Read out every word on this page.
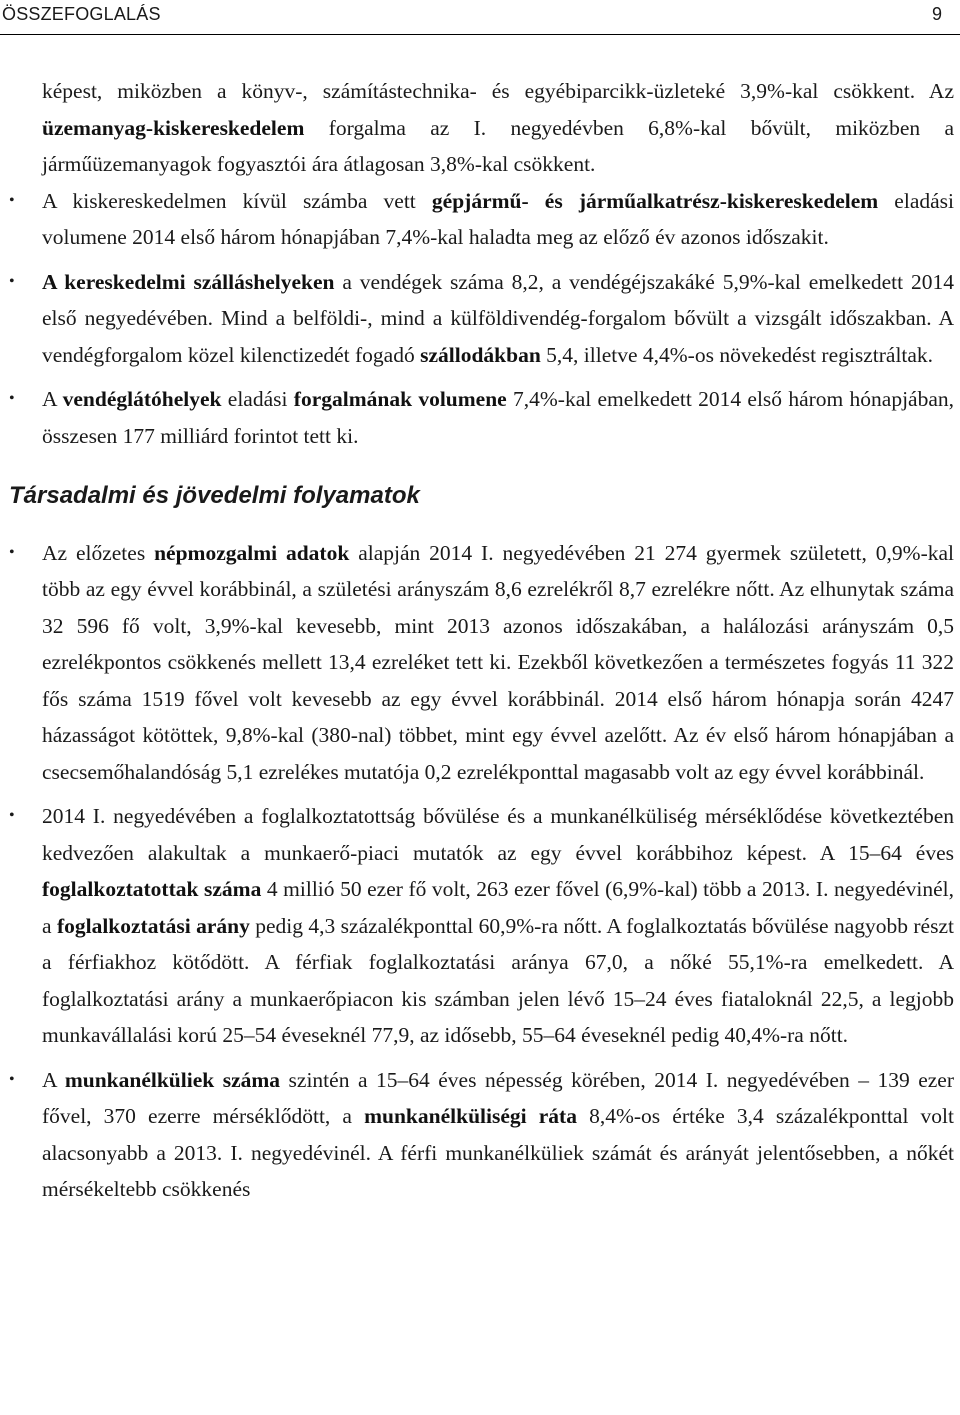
ÖSSZEFOGLALÁS	9

képest, miközben a könyv-, számítástechnika- és egyébiparcikk-üzleteké 3,9%-kal csökkent. Az üzemanyag-kiskereskedelem forgalma az I. negyedévben 6,8%-kal bővült, miközben a járműüzemanyagok fogyasztói ára átlagosan 3,8%-kal csökkent.

• A kiskereskedelmen kívül számba vett gépjármű- és járműalkatrész-kiskereskedelem eladási volumene 2014 első három hónapjában 7,4%-kal haladta meg az előző év azonos időszakit.
• A kereskedelmi szálláshelyeken a vendégek száma 8,2, a vendégéjszakáké 5,9%-kal emelkedett 2014 első negyedévében. Mind a belföldi-, mind a külföldivendég-forgalom bővült a vizsgált időszakban. A vendégforgalom közel kilenctizedét fogadó szállodákban 5,4, illetve 4,4%-os növekedést regisztráltak.
• A vendéglátóhelyek eladási forgalmának volumene 7,4%-kal emelkedett 2014 első három hónapjában, összesen 177 milliárd forintot tett ki.
Társadalmi és jövedelmi folyamatok
• Az előzetes népmozgalmi adatok alapján 2014 I. negyedévében 21 274 gyermek született, 0,9%-kal több az egy évvel korábbinál, a születési arányszám 8,6 ezrelékről 8,7 ezrelékre nőtt. Az elhunytak száma 32 596 fő volt, 3,9%-kal kevesebb, mint 2013 azonos időszakában, a halálozási arányszám 0,5 ezrelékpontos csökkenés mellett 13,4 ezreléket tett ki. Ezekből következően a természetes fogyás 11 322 fős száma 1519 fővel volt kevesebb az egy évvel korábbinál. 2014 első három hónapja során 4247 házasságot kötöttek, 9,8%-kal (380-nal) többet, mint egy évvel azelőtt. Az év első három hónapjában a csecsemőhalandóság 5,1 ezrelékes mutatója 0,2 ezrelékponttal magasabb volt az egy évvel korábbinál.
• 2014 I. negyedévében a foglalkoztatottság bővülése és a munkanélküliség mérséklődése következtében kedvezően alakultak a munkaerő-piaci mutatók az egy évvel korábbihoz képest. A 15–64 éves foglalkoztatottak száma 4 millió 50 ezer fő volt, 263 ezer fővel (6,9%-kal) több a 2013. I. negyedévinél, a foglalkoztatási arány pedig 4,3 százalékponttal 60,9%-ra nőtt. A foglalkoztatás bővülése nagyobb részt a férfiakhoz kötődött. A férfiak foglalkoztatási aránya 67,0, a nőké 55,1%-ra emelkedett. A foglalkoztatási arány a munkaerőpiacon kis számban jelen lévő 15–24 éves fiataloknál 22,5, a legjobb munkavállalási korú 25–54 éveseknél 77,9, az idősebb, 55–64 éveseknél pedig 40,4%-ra nőtt.
• A munkanélküliek száma szintén a 15–64 éves népesség körében, 2014 I. negyedévében – 139 ezer fővel, 370 ezerre mérséklődött, a munkanélküliségi ráta 8,4%-os értéke 3,4 százalékponttal volt alacsonyabb a 2013. I. negyedévinél. A férfi munkanélküliek számát és arányát jelentősebben, a nőkét mérsékeltebb csökkenés
